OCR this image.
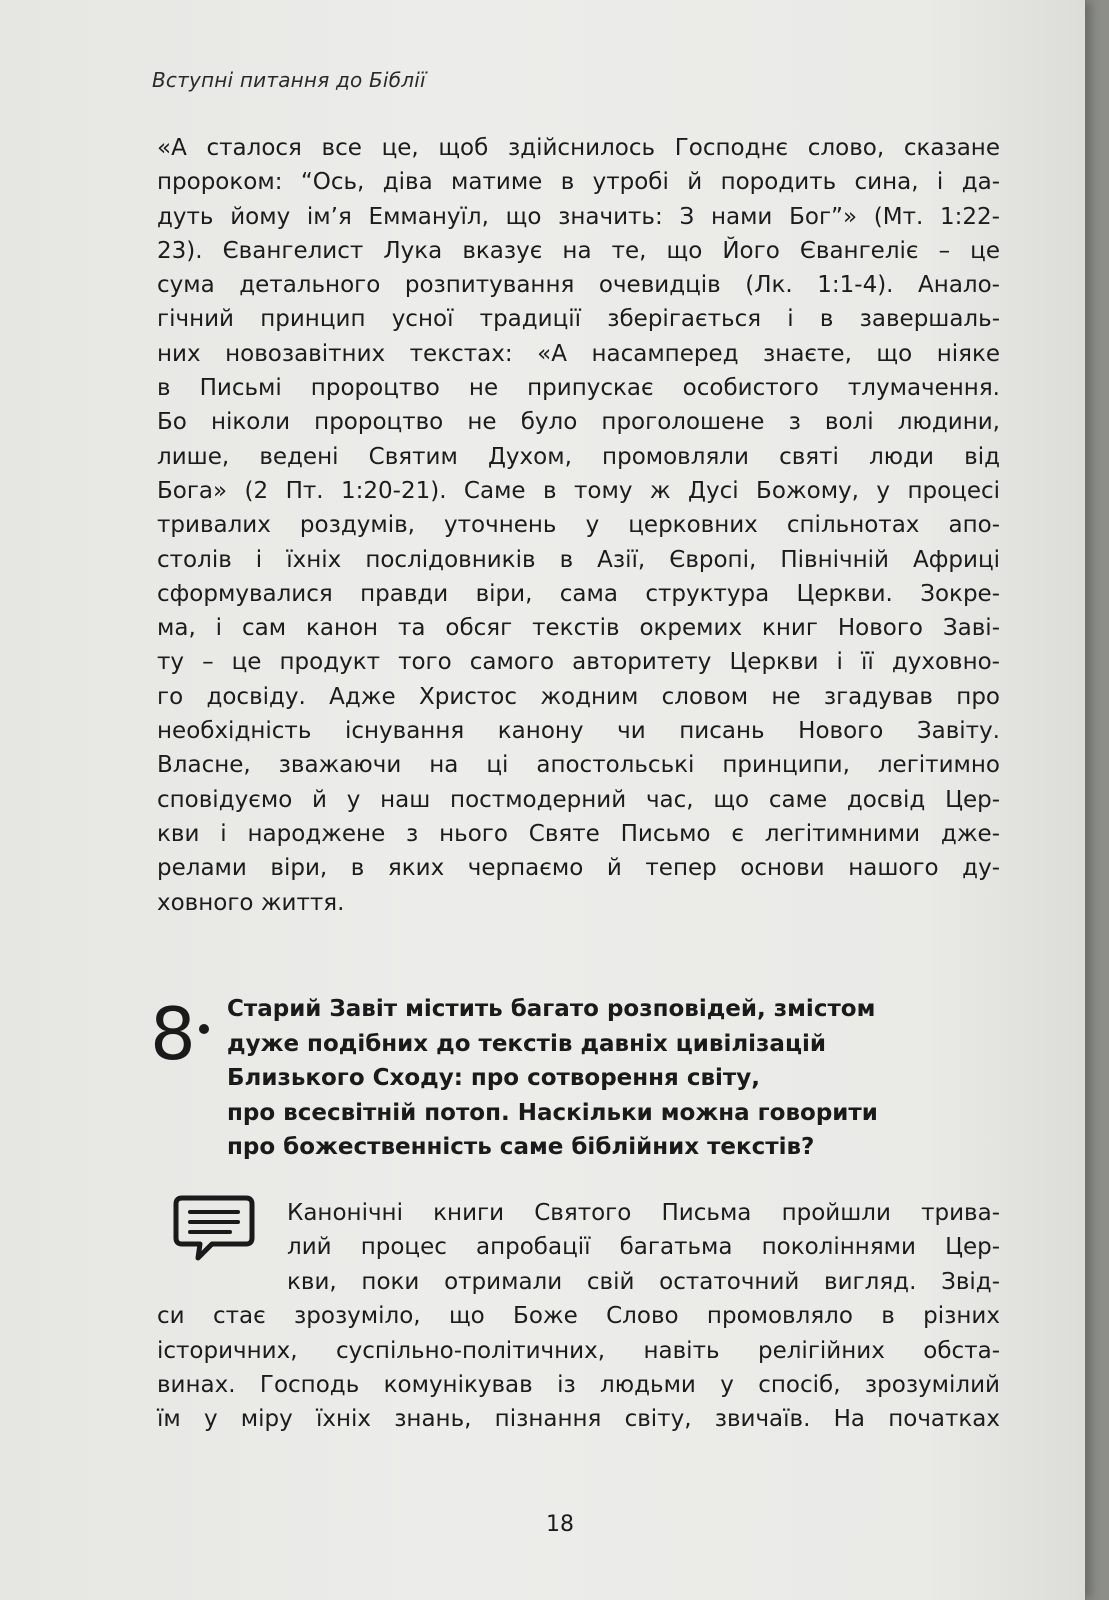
Вступні питання до Біблії
«А сталося все це, щоб здійснилось Господнє слово, сказане
пророком: “Ось, діва матиме в утробі й породить сина, і да-
дуть йому ім’я Еммануїл, що значить: З нами Бог”» (Мт. 1:22-
23). Євангелист Лука вказує на те, що Його Євангеліє – це
сума детального розпитування очевидців (Лк. 1:1-4). Анало-
гічний принцип усної традиції зберігається і в завершаль-
них новозавітних текстах: «А насамперед знаєте, що ніяке
в Письмі пророцтво не припускає особистого тлумачення.
Бо ніколи пророцтво не було проголошене з волі людини,
лише, ведені Святим Духом, промовляли святі люди від
Бога» (2 Пт. 1:20-21). Саме в тому ж Дусі Божому, у процесі
тривалих роздумів, уточнень у церковних спільнотах апо-
столів і їхніх послідовників в Азії, Європі, Північній Африці
сформувалися правди віри, сама структура Церкви. Зокре-
ма, і сам канон та обсяг текстів окремих книг Нового Заві-
ту – це продукт того самого авторитету Церкви і її духовно-
го досвіду. Адже Христос жодним словом не згадував про
необхідність існування канону чи писань Нового Завіту.
Власне, зважаючи на ці апостольські принципи, легітимно
сповідуємо й у наш постмодерний час, що саме досвід Цер-
кви і народжене з нього Святе Письмо є легітимними дже-
релами віри, в яких черпаємо й тепер основи нашого ду-
ховного життя.
8 Старий Завіт містить багато розповідей, змістом
дуже подібних до текстів давніх цивілізацій
Близького Сходу: про сотворення світу,
про всесвітній потоп. Наскільки можна говорити
про божественність саме біблійних текстів?
Канонічні книги Святого Письма пройшли трива-
лий процес апробації багатьма поколіннями Цер-
кви, поки отримали свій остаточний вигляд. Звід-
си стає зрозуміло, що Боже Слово промовляло в різних
історичних, суспільно-політичних, навіть релігійних обста-
винах. Господь комунікував із людьми у спосіб, зрозумілий
їм у міру їхніх знань, пізнання світу, звичаїв. На початках
18
